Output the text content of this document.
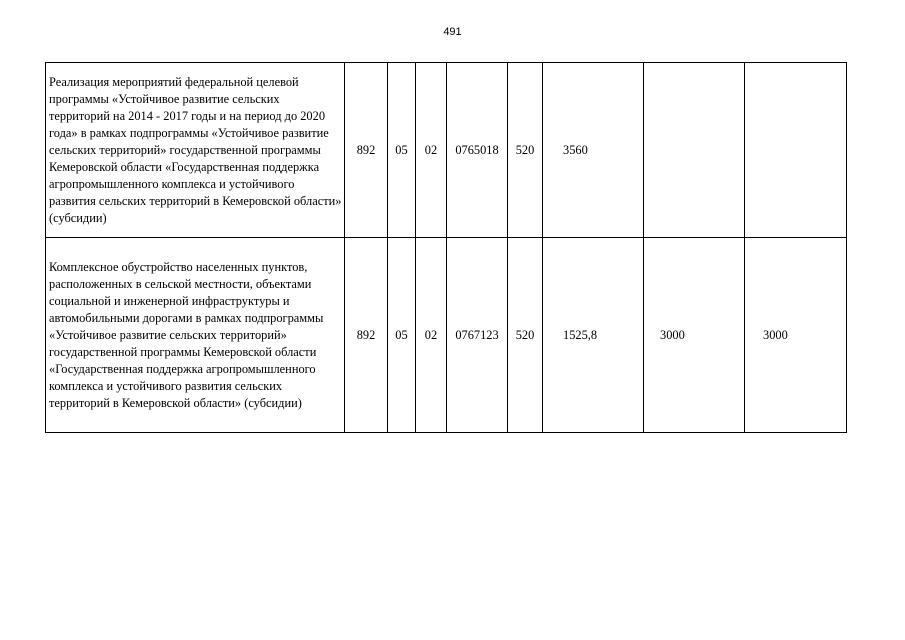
491
Реализация мероприятий федеральной целевой программы «Устойчивое развитие сельских территорий на 2014 - 2017 годы и на период до 2020 года» в рамках подпрограммы «Устойчивое развитие сельских территорий» государственной программы Кемеровской области «Государственная поддержка агропромышленного комплекса и устойчивого развития сельских территорий в Кемеровской области» (субсидии)	892	05	02	0765018	520	3560		
Комплексное обустройство населенных пунктов, расположенных в сельской местности, объектами социальной и инженерной инфраструктуры и автомобильными дорогами в рамках подпрограммы «Устойчивое развитие сельских территорий» государственной программы Кемеровской области «Государственная поддержка агропромышленного комплекса и устойчивого развития сельских территорий в Кемеровской области» (субсидии)	892	05	02	0767123	520	1525,8	3000	3000
